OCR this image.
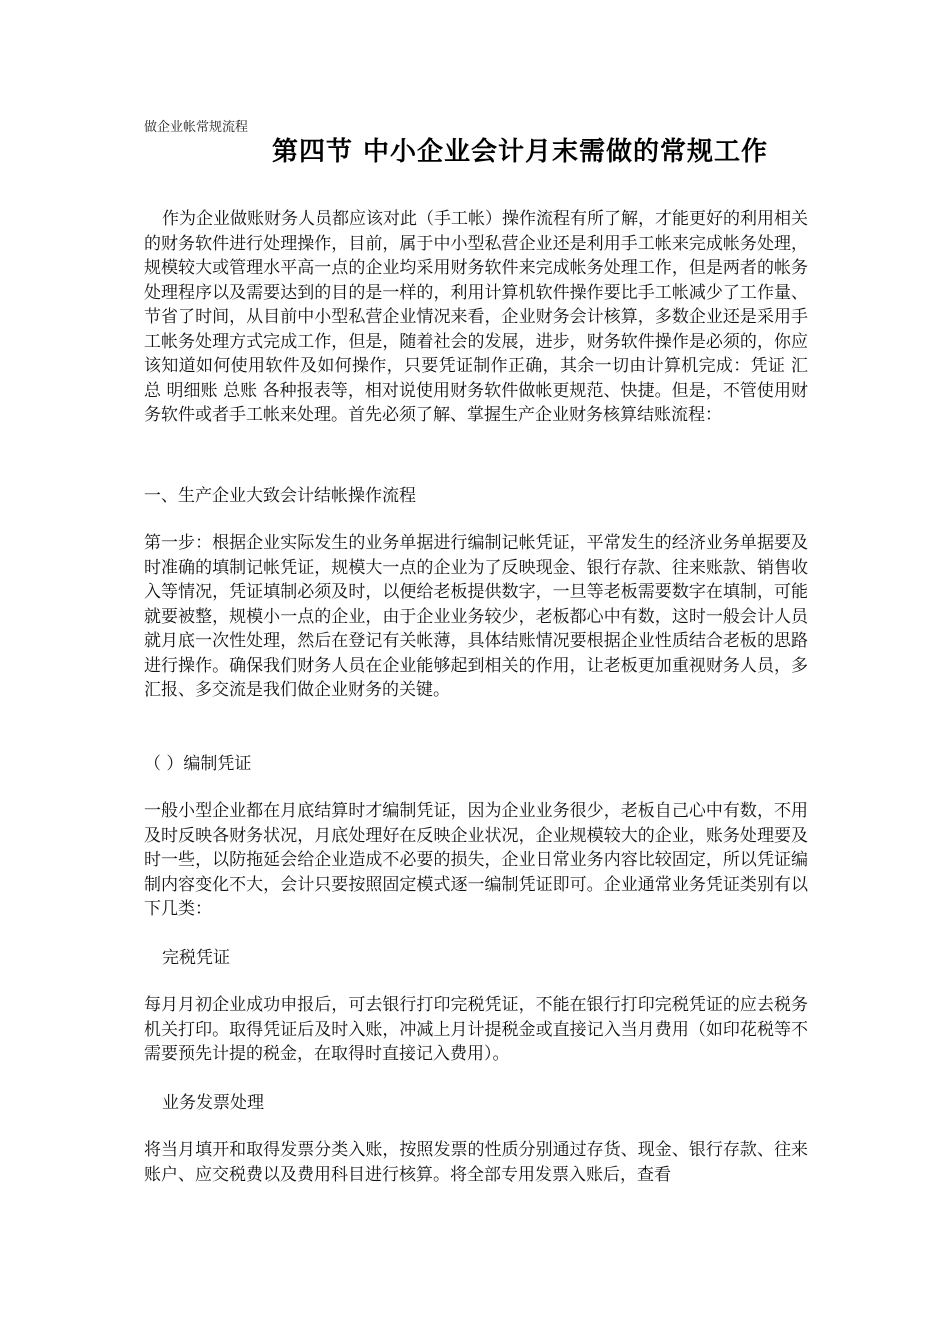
做企业帐常规流程
第四节 中小企业会计月末需做的常规工作
作为企业做账财务人员都应该对此（手工帐）操作流程有所了解，才能更好的利用相关的财务软件进行处理操作，目前，属于中小型私营企业还是利用手工帐来完成帐务处理，规模较大或管理水平高一点的企业均采用财务软件来完成帐务处理工作，但是两者的帐务处理程序以及需要达到的目的是一样的，利用计算机软件操作要比手工帐减少了工作量、节省了时间，从目前中小型私营企业情况来看，企业财务会计核算，多数企业还是采用手工帐务处理方式完成工作，但是，随着社会的发展，进步，财务软件操作是必须的，你应该知道如何使用软件及如何操作，只要凭证制作正确，其余一切由计算机完成：凭证 汇总 明细账 总账 各种报表等，相对说使用财务软件做帐更规范、快捷。但是，不管使用财务软件或者手工帐来处理。首先必须了解、掌握生产企业财务核算结账流程：
一、生产企业大致会计结帐操作流程
第一步：根据企业实际发生的业务单据进行编制记帐凭证，平常发生的经济业务单据要及时准确的填制记帐凭证，规模大一点的企业为了反映现金、银行存款、往来账款、销售收入等情况，凭证填制必须及时，以便给老板提供数字，一旦等老板需要数字在填制，可能就要被整，规模小一点的企业，由于企业业务较少，老板都心中有数，这时一般会计人员就月底一次性处理，然后在登记有关帐薄，具体结账情况要根据企业性质结合老板的思路进行操作。确保我们财务人员在企业能够起到相关的作用，让老板更加重视财务人员，多汇报、多交流是我们做企业财务的关键。
（ ）编制凭证
一般小型企业都在月底结算时才编制凭证，因为企业业务很少，老板自己心中有数，不用及时反映各财务状况，月底处理好在反映企业状况，企业规模较大的企业，账务处理要及时一些，以防拖延会给企业造成不必要的损失，企业日常业务内容比较固定，所以凭证编制内容变化不大，会计只要按照固定模式逐一编制凭证即可。企业通常业务凭证类别有以下几类：
完税凭证
每月月初企业成功申报后，可去银行打印完税凭证，不能在银行打印完税凭证的应去税务机关打印。取得凭证后及时入账，冲减上月计提税金或直接记入当月费用（如印花税等不需要预先计提的税金，在取得时直接记入费用）。
业务发票处理
将当月填开和取得发票分类入账，按照发票的性质分别通过存货、现金、银行存款、往来账户、应交税费以及费用科目进行核算。将全部专用发票入账后，查看
